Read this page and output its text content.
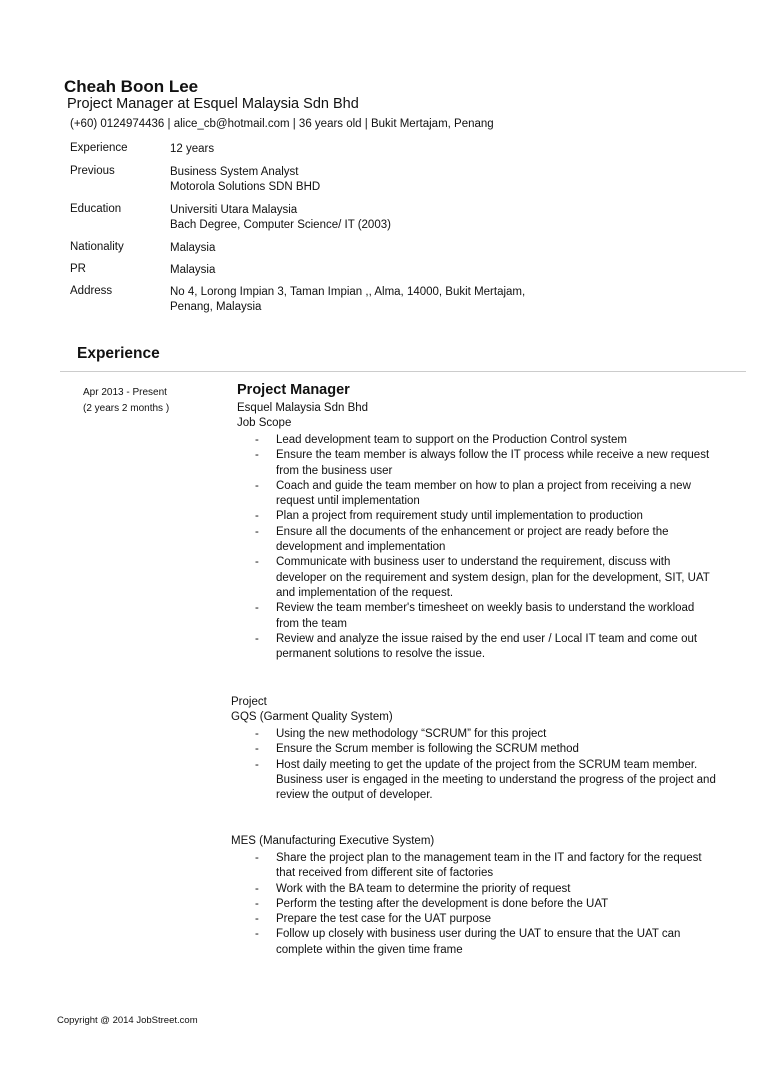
Cheah Boon Lee
Project Manager at Esquel Malaysia Sdn Bhd
(+60) 0124974436 | alice_cb@hotmail.com | 36 years old | Bukit Mertajam, Penang
Experience	12 years
Previous	Business System Analyst
Motorola Solutions SDN BHD
Education	Universiti Utara Malaysia
Bach Degree, Computer Science/ IT (2003)
Nationality	Malaysia
PR	Malaysia
Address	No 4, Lorong Impian 3, Taman Impian ,, Alma, 14000, Bukit Mertajam,
Penang, Malaysia
Experience
Apr 2013 - Present
(2 years 2 months )
Project Manager
Esquel Malaysia Sdn Bhd
Job Scope
- Lead development team to support on the Production Control system
- Ensure the team member is always follow the IT process while receive a new request from the business user
- Coach and guide the team member on how to plan a project from receiving a new request until implementation
- Plan a project from requirement study until implementation to production
- Ensure all the documents of the enhancement or project are ready before the development and implementation
- Communicate with business user to understand the requirement, discuss with developer on the requirement and system design, plan for the development, SIT, UAT and implementation of the request.
- Review the team member's timesheet on weekly basis to understand the workload from the team
- Review and analyze the issue raised by the end user / Local IT team and come out permanent solutions to resolve the issue.
Project
GQS (Garment Quality System)
- Using the new methodology “SCRUM” for this project
- Ensure the Scrum member is following the SCRUM method
- Host daily meeting to get the update of the project from the SCRUM team member. Business user is engaged in the meeting to understand the progress of the project and review the output of developer.
MES (Manufacturing Executive System)
- Share the project plan to the management team in the IT and factory for the request that received from different site of factories
- Work with the BA team to determine the priority of request
- Perform the testing after the development is done before the UAT
- Prepare the test case for the UAT purpose
- Follow up closely with business user during the UAT to ensure that the UAT can complete within the given time frame
Copyright @ 2014 JobStreet.com
